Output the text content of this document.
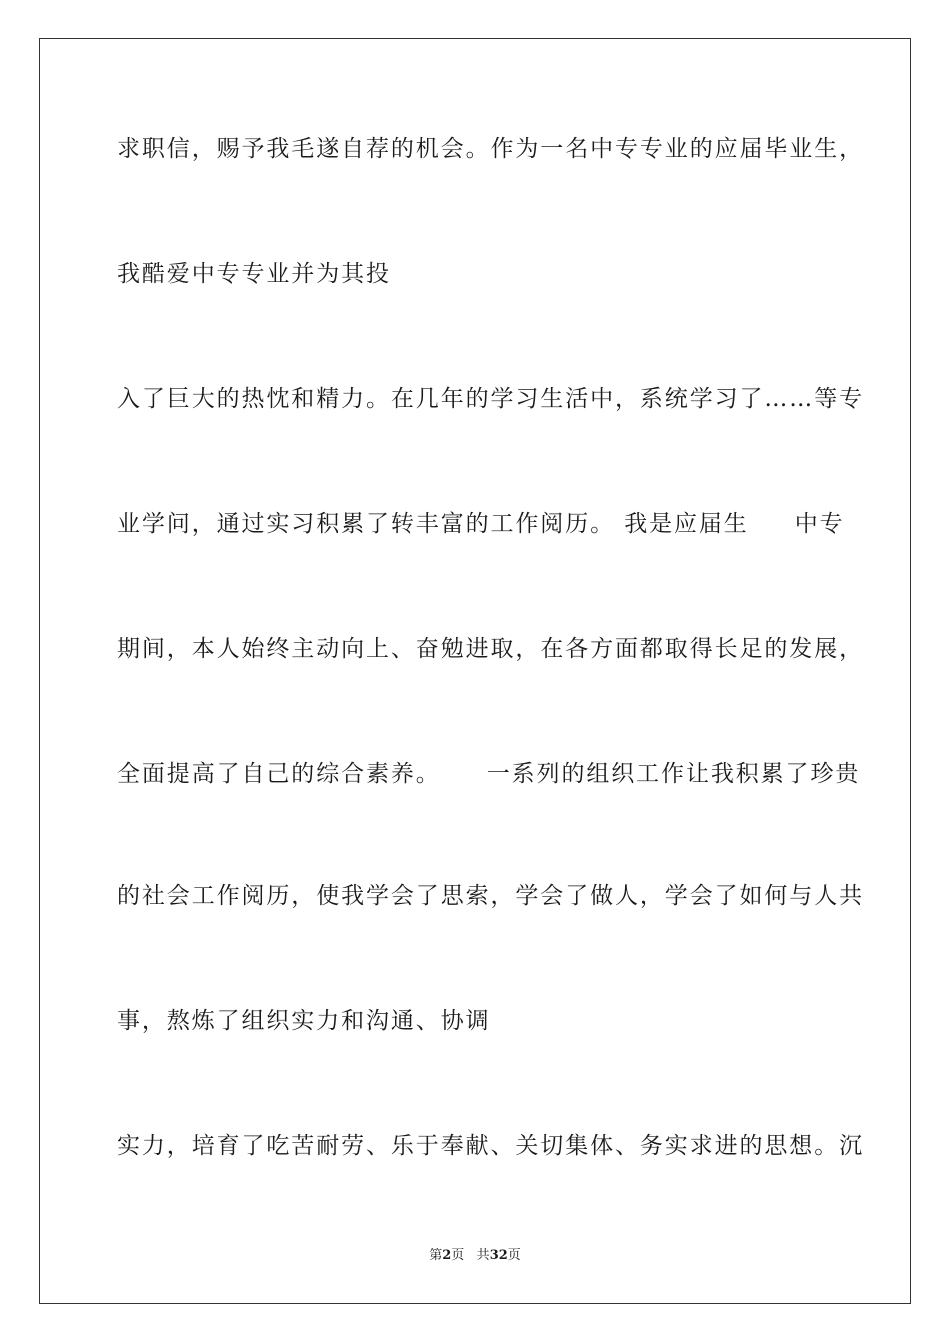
求职信，赐予我毛遂自荐的机会。作为一名中专专业的应届毕业生，
我酷爱中专专业并为其投
入了巨大的热忱和精力。在几年的学习生活中，系统学习了……等专
业学问，通过实习积累了转丰富的工作阅历。 我是应届生     中专
期间，本人始终主动向上、奋勉进取，在各方面都取得长足的发展，
全面提高了自己的综合素养。     一系列的组织工作让我积累了珍贵
的社会工作阅历，使我学会了思索，学会了做人，学会了如何与人共
事，熬炼了组织实力和沟通、协调
实力，培育了吃苦耐劳、乐于奉献、关切集体、务实求进的思想。沉
第2页 共32页
